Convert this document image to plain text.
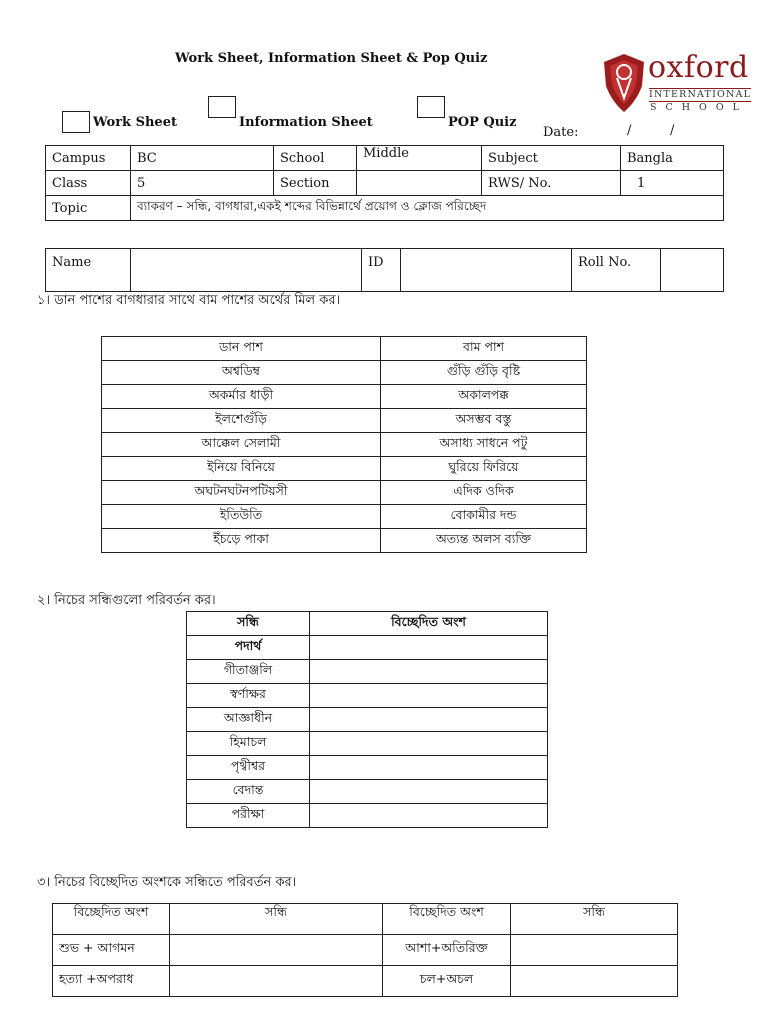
Work Sheet, Information Sheet & Pop Quiz	oxford
INTERNATIONAL
SCHOOL
Work Sheet	Information Sheet	POP Quiz
Date:	/	/
Campus	BC	School	Middle	Subject	Bangla
Class	5	Section		RWS/ No.	1
Topic	ব্যাকরণ – সন্ধি, বাগধারা,একই শব্দের বিভিন্নার্থে প্রয়োগ ও ক্লোজ পরিচ্ছেদ				
Name		ID		Roll No.	
১। ডান পাশের বাগধারার সাথে বাম পাশের অর্থের মিল কর।
ডান পাশ	বাম পাশ
অশ্বডিম্ব	গুঁড়ি গুঁড়ি বৃষ্টি
অকর্মার ধাড়ী	অকালপক্ক
ইলশেগুঁড়ি	অসম্ভব বস্তু
আক্কেল সেলামী	অসাধ্য সাধনে পটু
ইনিয়ে বিনিয়ে	ঘুরিয়ে ফিরিয়ে
অঘটনঘটনপটিয়সী	এদিক ওদিক
ইতিউতি	বোকামীর দন্ড
ইঁচড়ে পাকা	অত্যন্ত অলস ব্যক্তি
২। নিচের সন্ধিগুলো পরিবর্তন কর।
সন্ধি	বিচ্ছেদিত অংশ
পদার্থ	
গীতাঞ্জলি	
স্বর্ণাক্ষর	
আজ্ঞাধীন	
হিমাচল	
পৃথ্বীশ্বর	
বেদান্ত	
পরীক্ষা	
৩। নিচের বিচ্ছেদিত অংশকে সন্ধিতে পরিবর্তন কর।
বিচ্ছেদিত অংশ	সন্ধি	বিচ্ছেদিত অংশ	সন্ধি
শুভ + আগমন		আশা+অতিরিক্ত	
হত্যা +অপরাধ		চল+অচল	
